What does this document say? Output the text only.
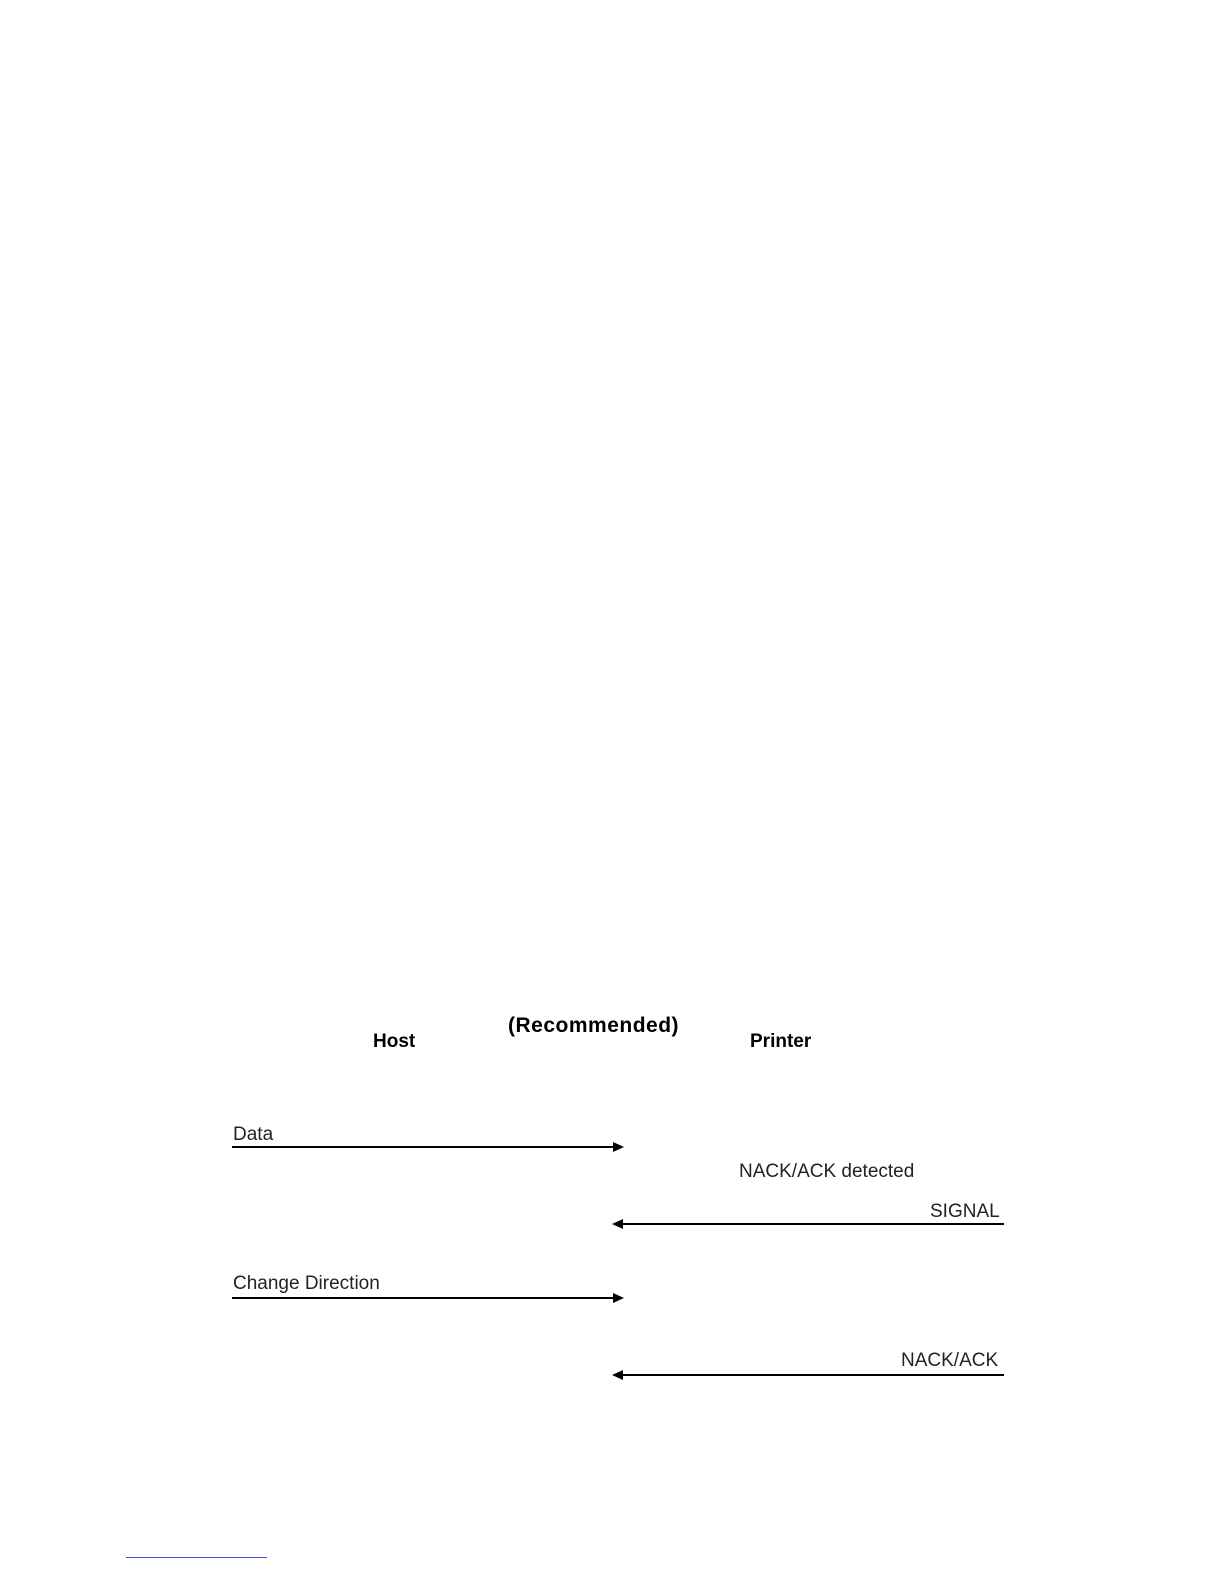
(Recommended)
Host	Printer
Data
NACK/ACK detected
SIGNAL
Change Direction
NACK/ACK
